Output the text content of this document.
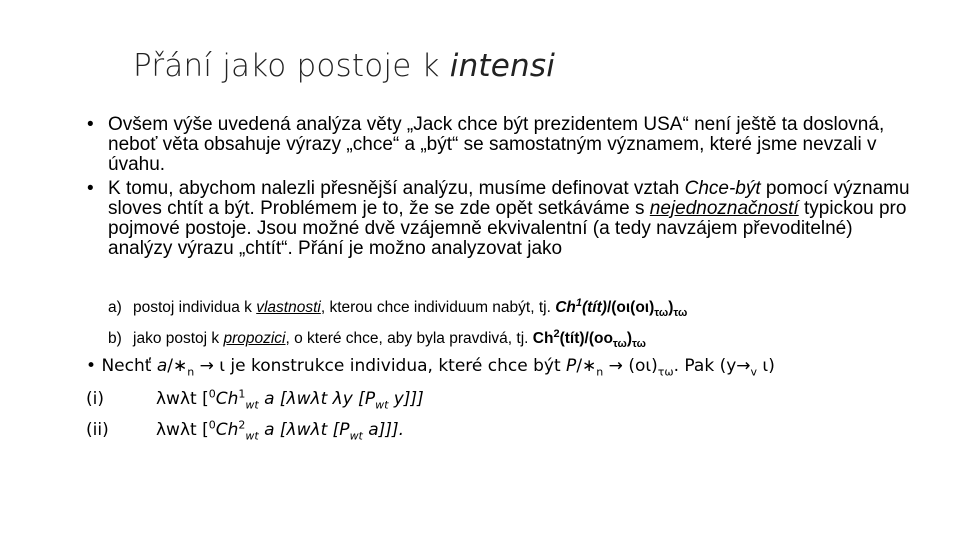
Přání jako postoje k intensi
• Ovšem výše uvedená analýza věty „Jack chce být prezidentem USA“ není ještě ta doslovná, neboť věta obsahuje výrazy „chce“ a „být“ se samostatným významem, které jsme nevzali v úvahu.
• K tomu, abychom nalezli přesnější analýzu, musíme definovat vztah Chce-být pomocí významu sloves chtít a být. Problémem je to, že se zde opět setkáváme s nejednoznačností typickou pro pojmové postoje. Jsou možné dvě vzájemně ekvivalentní (a tedy navzájem převoditelné) analýzy výrazu „chtít“. Přání je možno analyzovat jako
a) postoj individua k vlastnosti, kterou chce individuum nabýt, tj. $Ch^1(tít)/(o\iota(o\iota)_{\tau\omega})_{\tau\omega}$
b) jako postoj k propozici, o které chce, aby byla pravdivá, tj. $Ch^2(tít)/(oo_{\tau\omega})_{\tau\omega}$
• Nechť $a/∗_n \to \iota$ je konstrukce individua, které chce být $P/∗_n \to (o\iota)_{\tau\omega}$. Pak ($y\to_v$ ι)
(i)	λwλt [$^0Ch^1_{wt}$ a [λwλt λy [$P_{wt}$ y]]]
(ii)	λwλt [$^0Ch^2_{wt}$ a [λwλt [$P_{wt}$ a]]].
